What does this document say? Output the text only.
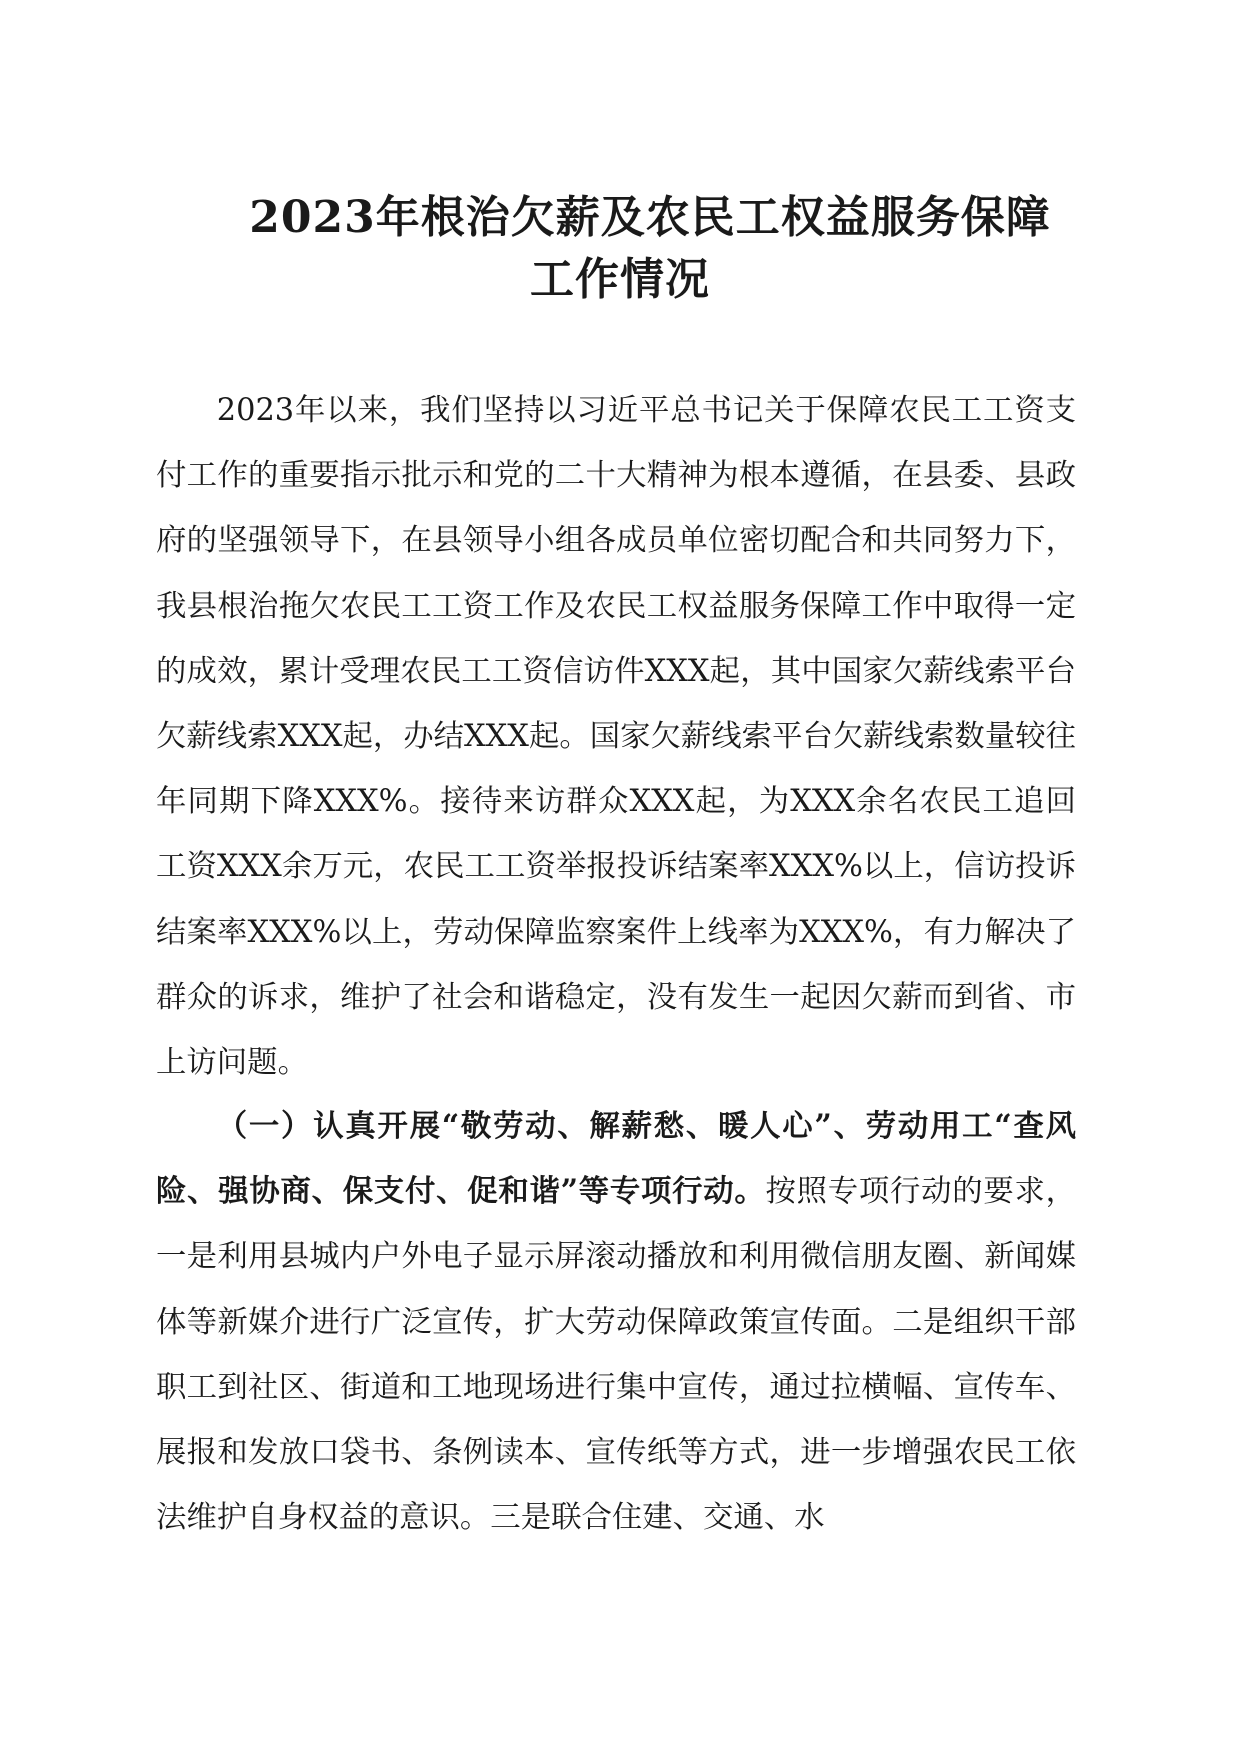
2023年根治欠薪及农民工权益服务保障
工作情况

2023年以来，我们坚持以习近平总书记关于保障农民工工资支付工作的重要指示批示和党的二十大精神为根本遵循，在县委、县政府的坚强领导下，在县领导小组各成员单位密切配合和共同努力下，我县根治拖欠农民工工资工作及农民工权益服务保障工作中取得一定的成效，累计受理农民工工资信访件XXX起，其中国家欠薪线索平台欠薪线索XXX起，办结XXX起。国家欠薪线索平台欠薪线索数量较往年同期下降XXX%。接待来访群众XXX起，为XXX余名农民工追回工资XXX余万元，农民工工资举报投诉结案率XXX%以上，信访投诉结案率XXX%以上，劳动保障监察案件上线率为XXX%，有力解决了群众的诉求，维护了社会和谐稳定，没有发生一起因欠薪而到省、市上访问题。

（一）认真开展“敬劳动、解薪愁、暖人心”、劳动用工“查风险、强协商、保支付、促和谐”等专项行动。按照专项行动的要求，一是利用县城内户外电子显示屏滚动播放和利用微信朋友圈、新闻媒体等新媒介进行广泛宣传，扩大劳动保障政策宣传面。二是组织干部职工到社区、街道和工地现场进行集中宣传，通过拉横幅、宣传车、展报和发放口袋书、条例读本、宣传纸等方式，进一步增强农民工依法维护自身权益的意识。三是联合住建、交通、水
